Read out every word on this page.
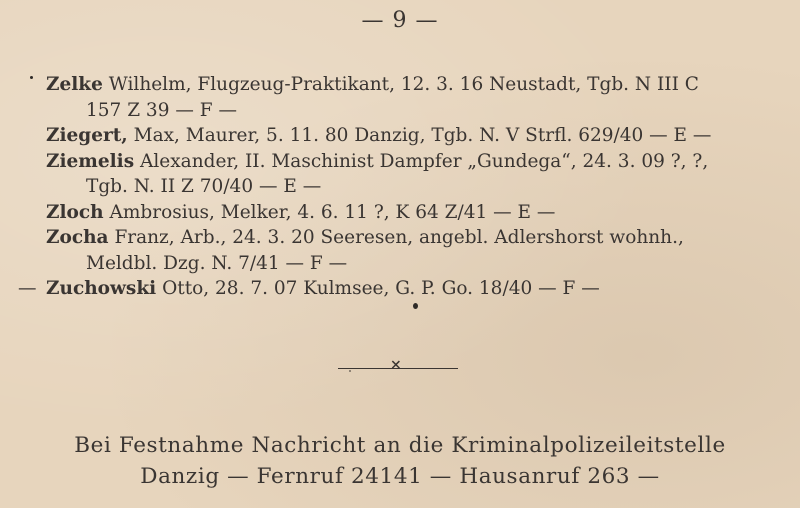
— 9 —
Zelke Wilhelm, Flugzeug-Praktikant, 12. 3. 16 Neustadt, Tgb. N III C
157 Z 39 — F —
Ziegert, Max, Maurer, 5. 11. 80 Danzig, Tgb. N. V Strfl. 629/40 — E —
Ziemelis Alexander, II. Maschinist Dampfer „Gundega“, 24. 3. 09 ?, ?,
Tgb. N. II Z 70/40 — E —
Zloch Ambrosius, Melker, 4. 6. 11 ?, K 64 Z/41 — E —
Zocha Franz, Arb., 24. 3. 20 Seeresen, angebl. Adlershorst wohnh.,
Meldbl. Dzg. N. 7/41 — F —
— Zuchowski Otto, 28. 7. 07 Kulmsee, G. P. Go. 18/40 — F —
×
Bei Festnahme Nachricht an die Kriminalpolizeileitstelle
Danzig — Fernruf 24141 — Hausanruf 263 —
